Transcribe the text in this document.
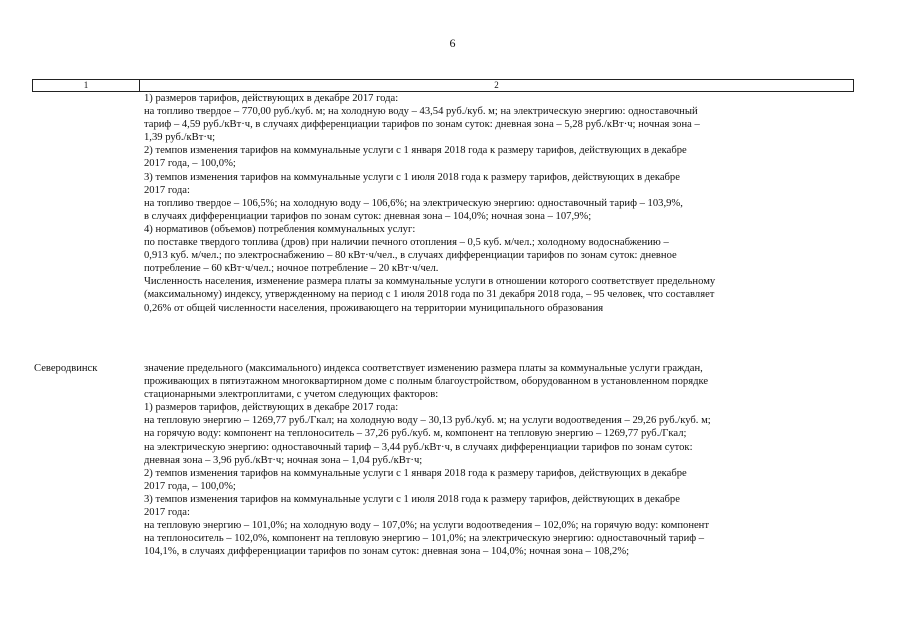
6
1	2
1) размеров тарифов, действующих в декабре 2017 года:
на топливо твердое – 770,00 руб./куб. м; на холодную воду – 43,54 руб./куб. м; на электрическую энергию: одноставочный
тариф – 4,59 руб./кВт·ч, в случаях дифференциации тарифов по зонам суток: дневная зона – 5,28 руб./кВт·ч; ночная зона –
1,39 руб./кВт·ч;
2) темпов изменения тарифов на коммунальные услуги с 1 января 2018 года к размеру тарифов, действующих в декабре
2017 года, – 100,0%;
3) темпов изменения тарифов на коммунальные услуги с 1 июля 2018 года к размеру тарифов, действующих в декабре
2017 года:
на топливо твердое – 106,5%; на холодную воду – 106,6%; на электрическую энергию: одноставочный тариф – 103,9%,
в случаях дифференциации тарифов по зонам суток: дневная зона – 104,0%; ночная зона – 107,9%;
4) нормативов (объемов) потребления коммунальных услуг:
по поставке твердого топлива (дров) при наличии печного отопления – 0,5 куб. м/чел.; холодному водоснабжению –
0,913 куб. м/чел.; по электроснабжению – 80 кВт·ч/чел., в случаях дифференциации тарифов по зонам суток: дневное
потребление – 60 кВт·ч/чел.; ночное потребление – 20 кВт·ч/чел.
Численность населения, изменение размера платы за коммунальные услуги в отношении которого соответствует предельному
(максимальному) индексу, утвержденному на период с 1 июля 2018 года по 31 декабря 2018 года, – 95 человек, что составляет
0,26% от общей численности населения, проживающего на территории муниципального образования
Северодвинск	значение предельного (максимального) индекса соответствует изменению размера платы за коммунальные услуги граждан,
проживающих в пятиэтажном многоквартирном доме с полным благоустройством, оборудованном в установленном порядке
стационарными электроплитами, с учетом следующих факторов:
1) размеров тарифов, действующих в декабре 2017 года:
на тепловую энергию – 1269,77 руб./Гкал; на холодную воду – 30,13 руб./куб. м; на услуги водоотведения – 29,26 руб./куб. м;
на горячую воду: компонент на теплоноситель – 37,26 руб./куб. м, компонент на тепловую энергию – 1269,77 руб./Гкал;
на электрическую энергию: одноставочный тариф – 3,44 руб./кВт·ч, в случаях дифференциации тарифов по зонам суток:
дневная зона – 3,96 руб./кВт·ч; ночная зона – 1,04 руб./кВт·ч;
2) темпов изменения тарифов на коммунальные услуги с 1 января 2018 года к размеру тарифов, действующих в декабре
2017 года, – 100,0%;
3) темпов изменения тарифов на коммунальные услуги с 1 июля 2018 года к размеру тарифов, действующих в декабре
2017 года:
на тепловую энергию – 101,0%; на холодную воду – 107,0%; на услуги водоотведения – 102,0%; на горячую воду: компонент
на теплоноситель – 102,0%, компонент на тепловую энергию – 101,0%; на электрическую энергию: одноставочный тариф –
104,1%, в случаях дифференциации тарифов по зонам суток: дневная зона – 104,0%; ночная зона – 108,2%;
